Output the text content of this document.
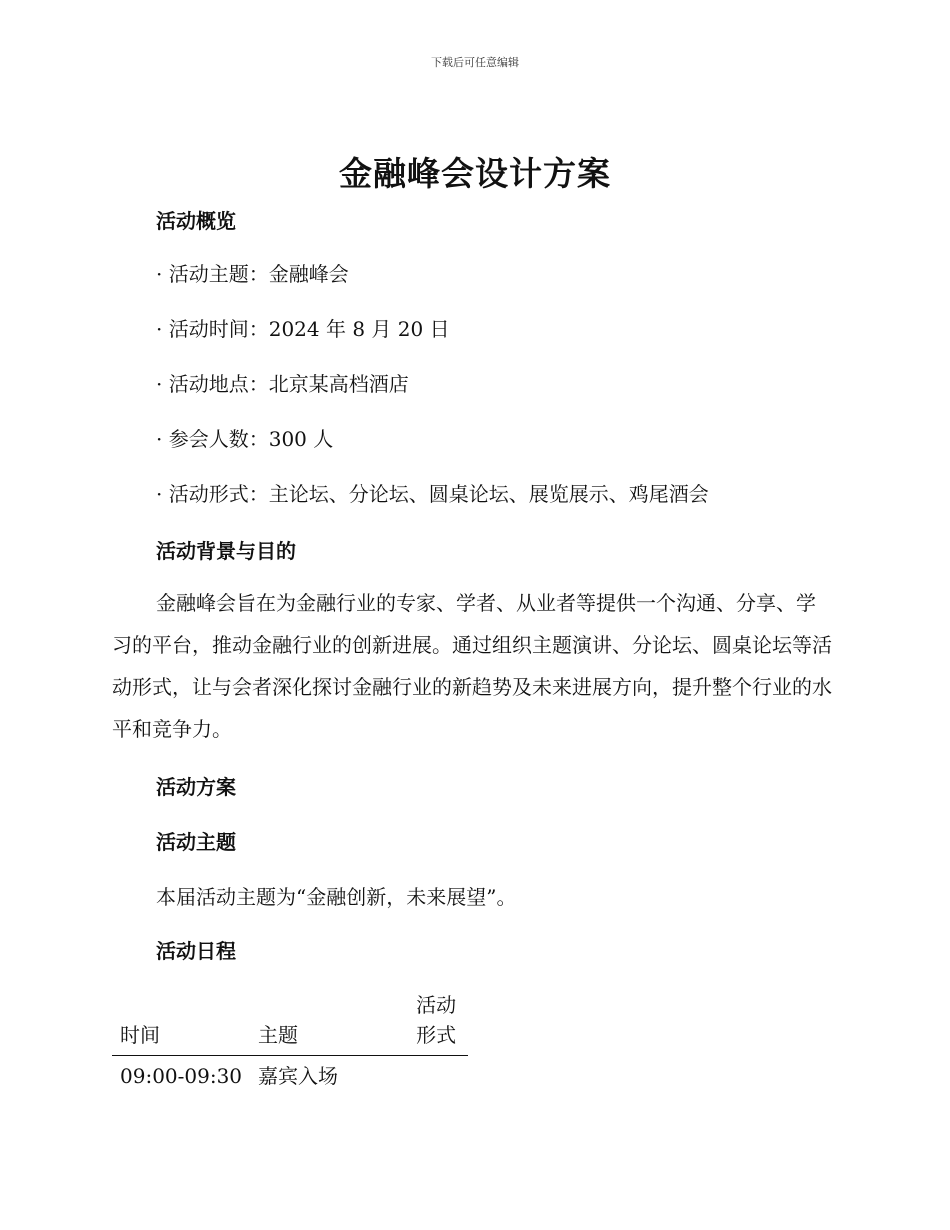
下载后可任意编辑
金融峰会设计方案
活动概览
· 活动主题：金融峰会
· 活动时间：2024 年 8 月 20 日
· 活动地点：北京某高档酒店
· 参会人数：300 人
· 活动形式：主论坛、分论坛、圆桌论坛、展览展示、鸡尾酒会
活动背景与目的
金融峰会旨在为金融行业的专家、学者、从业者等提供一个沟通、分享、学习的平台，推动金融行业的创新进展。通过组织主题演讲、分论坛、圆桌论坛等活动形式，让与会者深化探讨金融行业的新趋势及未来进展方向，提升整个行业的水平和竞争力。
活动方案
活动主题
本届活动主题为“金融创新，未来展望”。
活动日程
时间	主题	活动形式
09:00-09:30	嘉宾入场	
